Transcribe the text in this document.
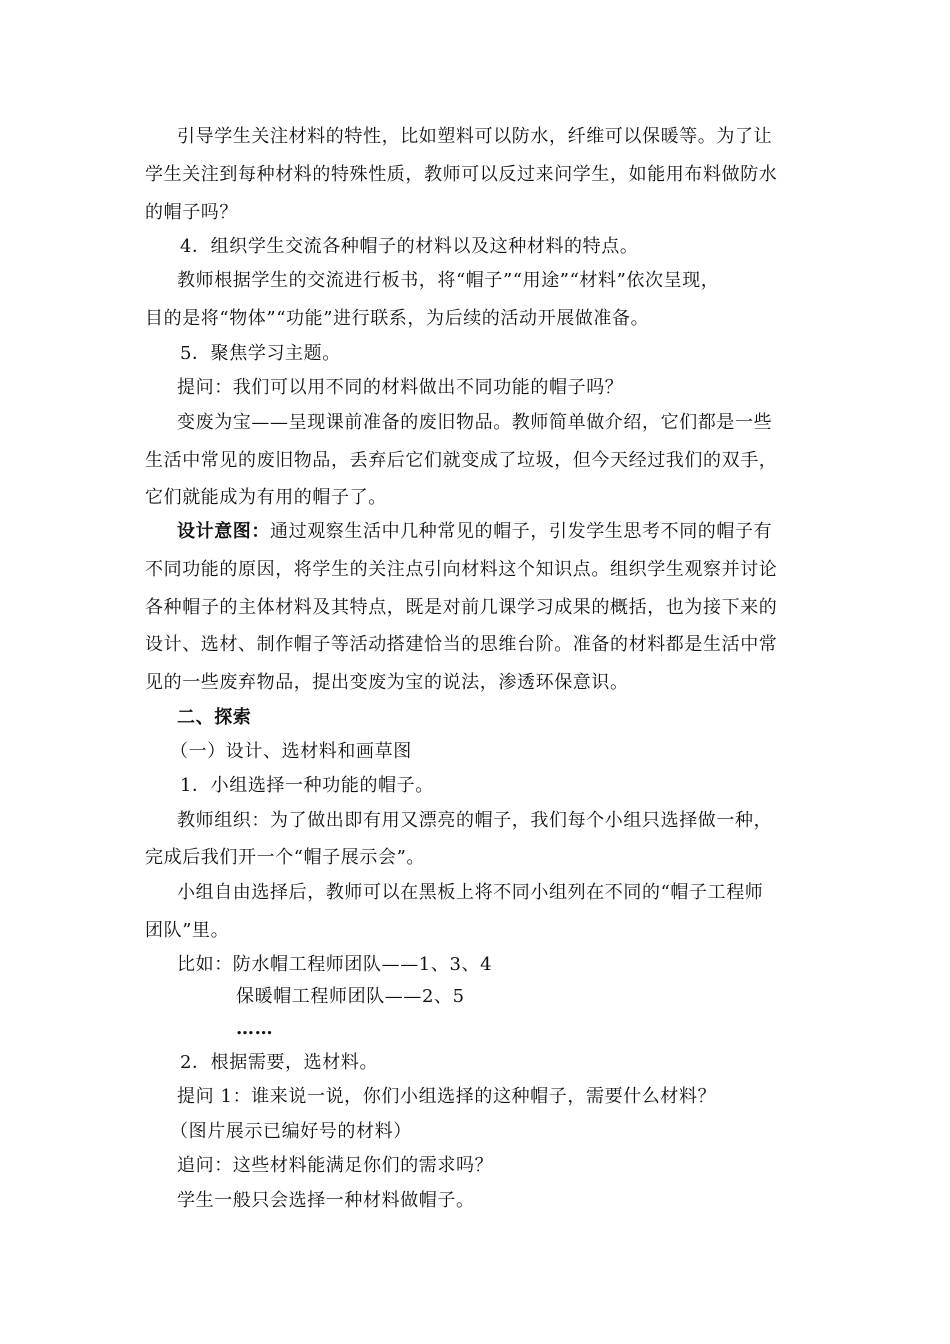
引导学生关注材料的特性，比如塑料可以防水，纤维可以保暖等。为了让
学生关注到每种材料的特殊性质，教师可以反过来问学生，如能用布料做防水
的帽子吗？
4．组织学生交流各种帽子的材料以及这种材料的特点。
教师根据学生的交流进行板书，将“帽子”“用途”“材料”依次呈现，
目的是将“物体”“功能”进行联系，为后续的活动开展做准备。
5．聚焦学习主题。
提问：我们可以用不同的材料做出不同功能的帽子吗？
变废为宝——呈现课前准备的废旧物品。教师简单做介绍，它们都是一些
生活中常见的废旧物品，丢弃后它们就变成了垃圾，但今天经过我们的双手，
它们就能成为有用的帽子了。
设计意图：通过观察生活中几种常见的帽子，引发学生思考不同的帽子有
不同功能的原因，将学生的关注点引向材料这个知识点。组织学生观察并讨论
各种帽子的主体材料及其特点，既是对前几课学习成果的概括，也为接下来的
设计、选材、制作帽子等活动搭建恰当的思维台阶。准备的材料都是生活中常
见的一些废弃物品，提出变废为宝的说法，渗透环保意识。
二、探索
（一）设计、选材料和画草图
1．小组选择一种功能的帽子。
教师组织：为了做出即有用又漂亮的帽子，我们每个小组只选择做一种，
完成后我们开一个“帽子展示会”。
小组自由选择后，教师可以在黑板上将不同小组列在不同的“帽子工程师
团队”里。
比如：防水帽工程师团队——1、3、4
保暖帽工程师团队——2、5
……
2．根据需要，选材料。
提问 1：谁来说一说，你们小组选择的这种帽子，需要什么材料？
（图片展示已编好号的材料）
追问：这些材料能满足你们的需求吗？
学生一般只会选择一种材料做帽子。
